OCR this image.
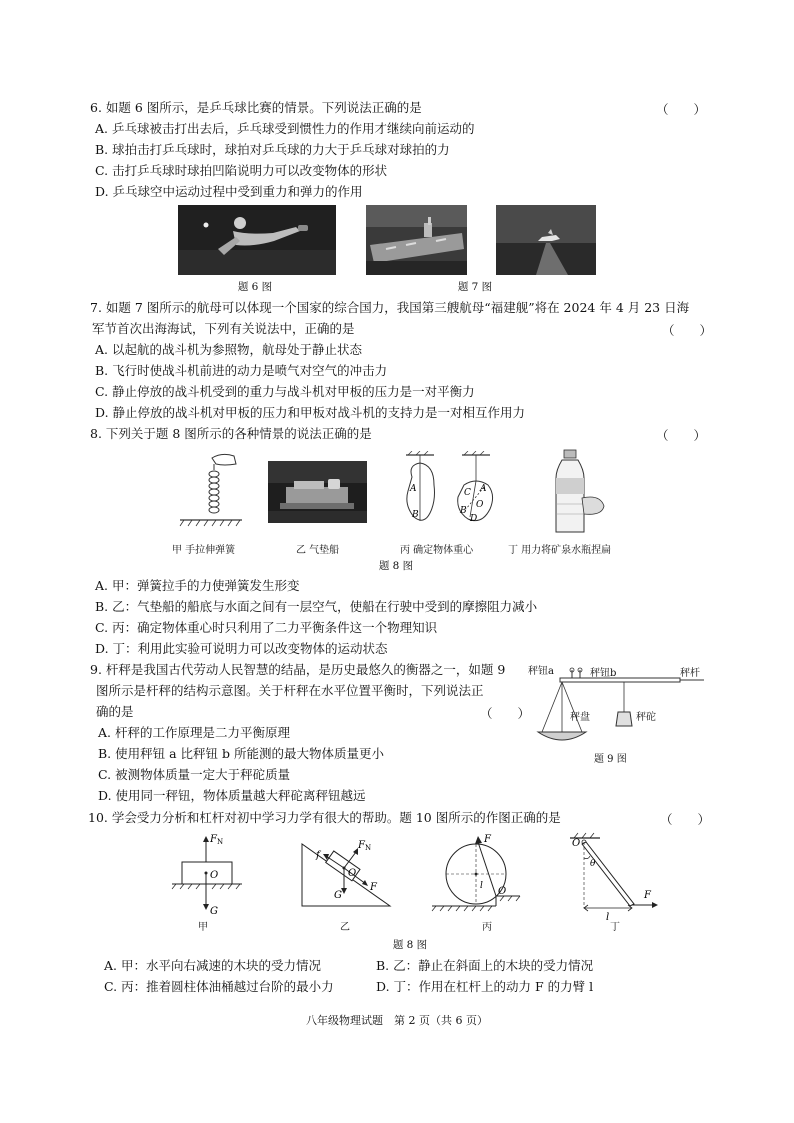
6. 如题 6 图所示，是乒乓球比赛的情景。下列说法正确的是	（　　）
A. 乒乓球被击打出去后，乒乓球受到惯性力的作用才继续向前运动的
B. 球拍击打乒乓球时，球拍对乒乓球的力大于乒乓球对球拍的力
C. 击打乒乓球时球拍凹陷说明力可以改变物体的形状
D. 乒乓球空中运动过程中受到重力和弹力的作用
题 6 图	题 7 图
7. 如题 7 图所示的航母可以体现一个国家的综合国力，我国第三艘航母“福建舰”将在 2024 年 4 月 23 日海
军节首次出海海试，下列有关说法中，正确的是	（　　）
A. 以起航的战斗机为参照物，航母处于静止状态
B. 飞行时使战斗机前进的动力是喷气对空气的冲击力
C. 静止停放的战斗机受到的重力与战斗机对甲板的压力是一对平衡力
D. 静止停放的战斗机对甲板的压力和甲板对战斗机的支持力是一对相互作用力
8. 下列关于题 8 图所示的各种情景的说法正确的是	（　　）
A
B
C A
B
O
D
甲 手拉伸弹簧	乙 气垫船	丙 确定物体重心	丁 用力将矿泉水瓶捏扁
题 8 图
A. 甲：弹簧拉手的力使弹簧发生形变
B. 乙：气垫船的船底与水面之间有一层空气，使船在行驶中受到的摩擦阻力减小
C. 丙：确定物体重心时只利用了二力平衡条件这一个物理知识
D. 丁：利用此实验可说明力可以改变物体的运动状态
9. 杆秤是我国古代劳动人民智慧的结晶，是历史最悠久的衡器之一，如题 9
图所示是杆秤的结构示意图。关于杆秤在水平位置平衡时，下列说法正
确的是	（　　）
A. 杆秤的工作原理是二力平衡原理
B. 使用秤钮 a 比秤钮 b 所能测的最大物体质量更小
C. 被测物体质量一定大于秤砣质量
D. 使用同一秤钮，物体质量越大秤砣离秤钮越远
秤钮a	秤钮b	秤杆
秤盘	秤砣
题 9 图
10. 学会受力分析和杠杆对初中学习力学有很大的帮助。题 10 图所示的作图正确的是	（　　）
F N
O
G
f
F N
O
G
F
F
O
l
O
θ
F
l
甲	乙	丙	丁
题 8 图
A. 甲：水平向右减速的木块的受力情况	B. 乙：静止在斜面上的木块的受力情况
C. 丙：推着圆柱体油桶越过台阶的最小力	D. 丁：作用在杠杆上的动力 F 的力臂 l
八年级物理试题　第 2 页（共 6 页）
